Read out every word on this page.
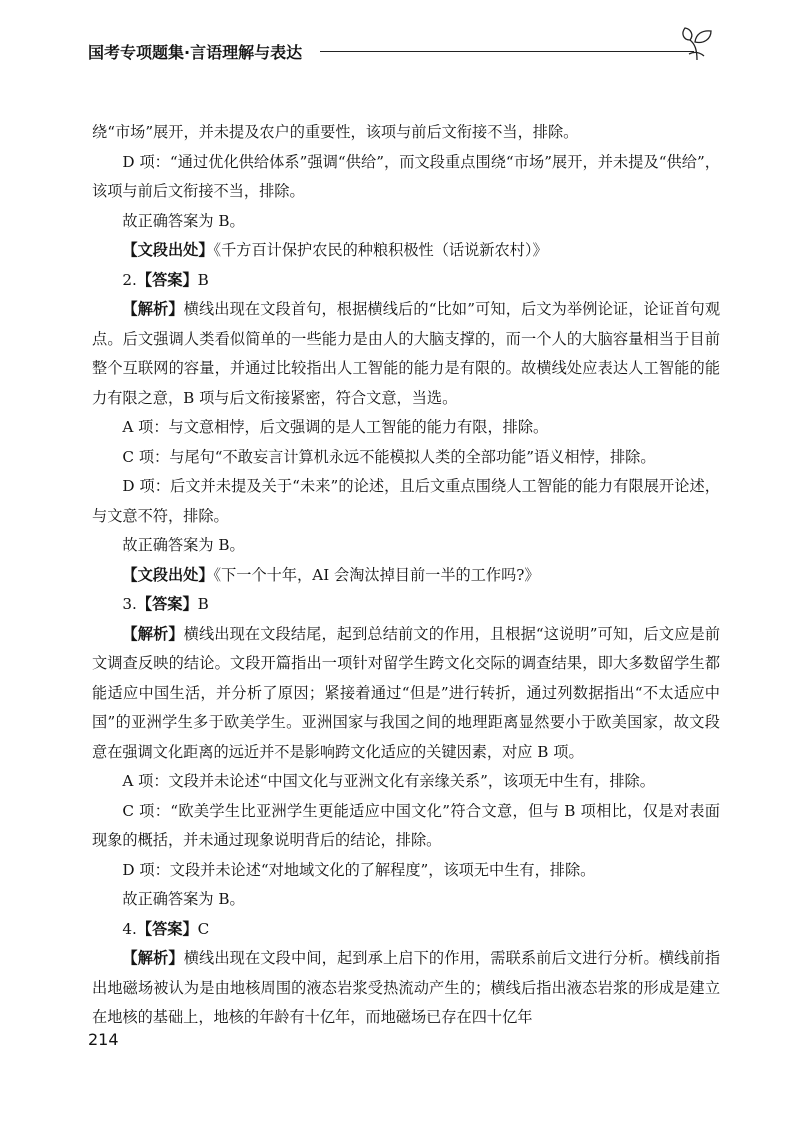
国考专项题集·言语理解与表达

绕“市场”展开，并未提及农户的重要性，该项与前后文衔接不当，排除。

D 项：“通过优化供给体系”强调“供给”，而文段重点围绕“市场”展开，并未提及“供给”，该项与前后文衔接不当，排除。

故正确答案为 B。

【文段出处】《千方百计保护农民的种粮积极性（话说新农村）》

2.【答案】B

【解析】横线出现在文段首句，根据横线后的“比如”可知，后文为举例论证，论证首句观点。后文强调人类看似简单的一些能力是由人的大脑支撑的，而一个人的大脑容量相当于目前整个互联网的容量，并通过比较指出人工智能的能力是有限的。故横线处应表达人工智能的能力有限之意，B 项与后文衔接紧密，符合文意，当选。

A 项：与文意相悖，后文强调的是人工智能的能力有限，排除。

C 项：与尾句“不敢妄言计算机永远不能模拟人类的全部功能”语义相悖，排除。

D 项：后文并未提及关于“未来”的论述，且后文重点围绕人工智能的能力有限展开论述，与文意不符，排除。

故正确答案为 B。

【文段出处】《下一个十年，AI 会淘汰掉目前一半的工作吗?》

3.【答案】B

【解析】横线出现在文段结尾，起到总结前文的作用，且根据“这说明”可知，后文应是前文调查反映的结论。文段开篇指出一项针对留学生跨文化交际的调查结果，即大多数留学生都能适应中国生活，并分析了原因；紧接着通过“但是”进行转折，通过列数据指出“不太适应中国”的亚洲学生多于欧美学生。亚洲国家与我国之间的地理距离显然要小于欧美国家，故文段意在强调文化距离的远近并不是影响跨文化适应的关键因素，对应 B 项。

A 项：文段并未论述“中国文化与亚洲文化有亲缘关系”，该项无中生有，排除。

C 项：“欧美学生比亚洲学生更能适应中国文化”符合文意，但与 B 项相比，仅是对表面现象的概括，并未通过现象说明背后的结论，排除。

D 项：文段并未论述“对地域文化的了解程度”，该项无中生有，排除。

故正确答案为 B。

4.【答案】C

【解析】横线出现在文段中间，起到承上启下的作用，需联系前后文进行分析。横线前指出地磁场被认为是由地核周围的液态岩浆受热流动产生的；横线后指出液态岩浆的形成是建立在地核的基础上，地核的年龄有十亿年，而地磁场已存在四十亿年

214
